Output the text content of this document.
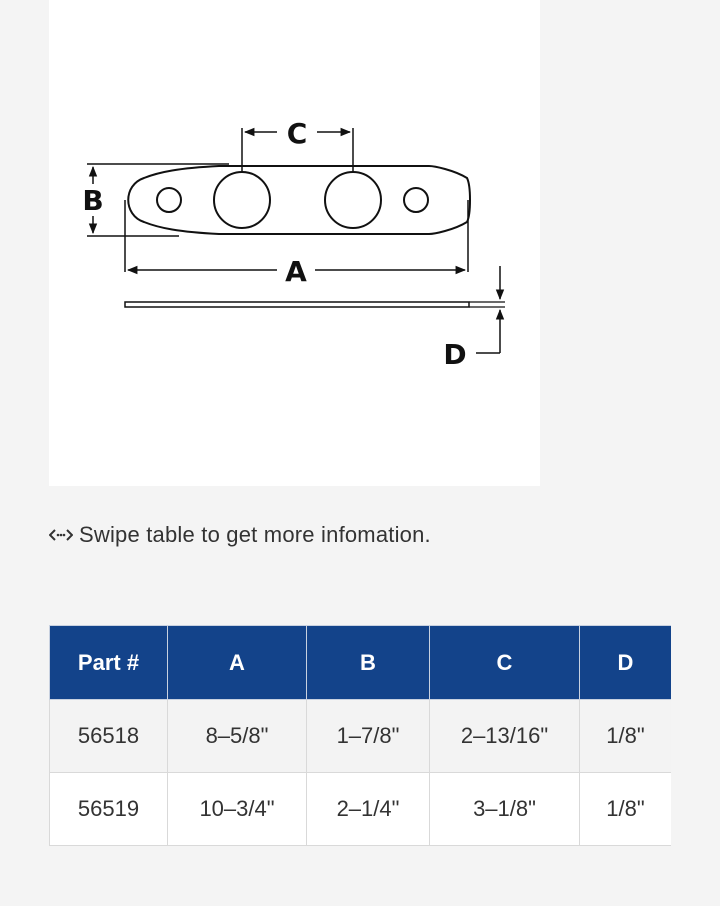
C
B
A
D
Swipe table to get more infomation.
Part #	A	B	C	D
56518	8–5/8"	1–7/8"	2–13/16"	1/8"
56519	10–3/4"	2–1/4"	3–1/8"	1/8"
